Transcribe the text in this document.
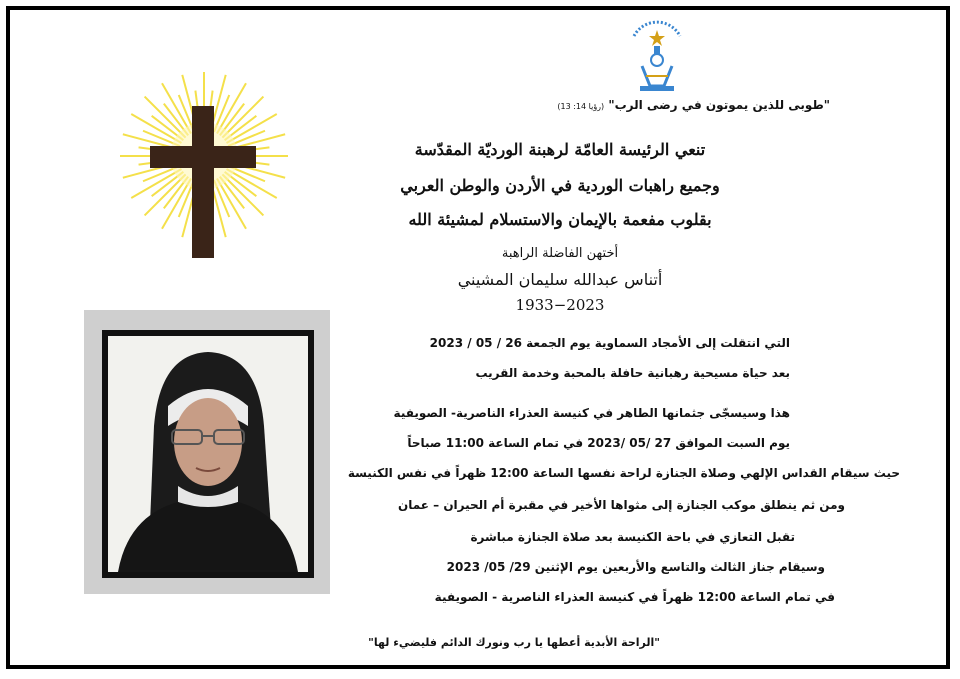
"طوبى للذين يموتون في رضى الرب" (رؤيا 14: 13)
تنعي الرئيسة العامّة لرهبنة الورديّة المقدّسة
وجميع راهبات الوردية في الأردن والوطن العربي
بقلوب مفعمة بالإيمان والاستسلام لمشيئة الله
أختهن الفاضلة الراهبة
أتناس عبدالله سليمان المشيني
1933−2023
التي انتقلت إلى الأمجاد السماوية يوم الجمعة 26 / 05 / 2023
بعد حياة مسيحية رهبانية حافلة بالمحبة وخدمة القريب
هذا وسيسجّى جثمانها الطاهر في كنيسة العذراء الناصرية- الصويفية
يوم السبت الموافق 27 /05 /2023 في تمام الساعة 11:00 صباحاً
حيث سيقام القداس الإلهي وصلاة الجنازة لراحة نفسها الساعة 12:00 ظهراً في نفس الكنيسة
ومن ثم ينطلق موكب الجنازة إلى مثواها الأخير في مقبرة أم الحيران – عمان
تقبل التعازي في باحة الكنيسة بعد صلاة الجنازة مباشرة
وسيقام جناز الثالث والتاسع والأربعين يوم الإثنين 29/ 05/ 2023
في تمام الساعة 12:00 ظهراً في كنيسة العذراء الناصرية - الصويفية
"الراحة الأبدية أعطها يا رب ونورك الدائم فليضيء لها"
